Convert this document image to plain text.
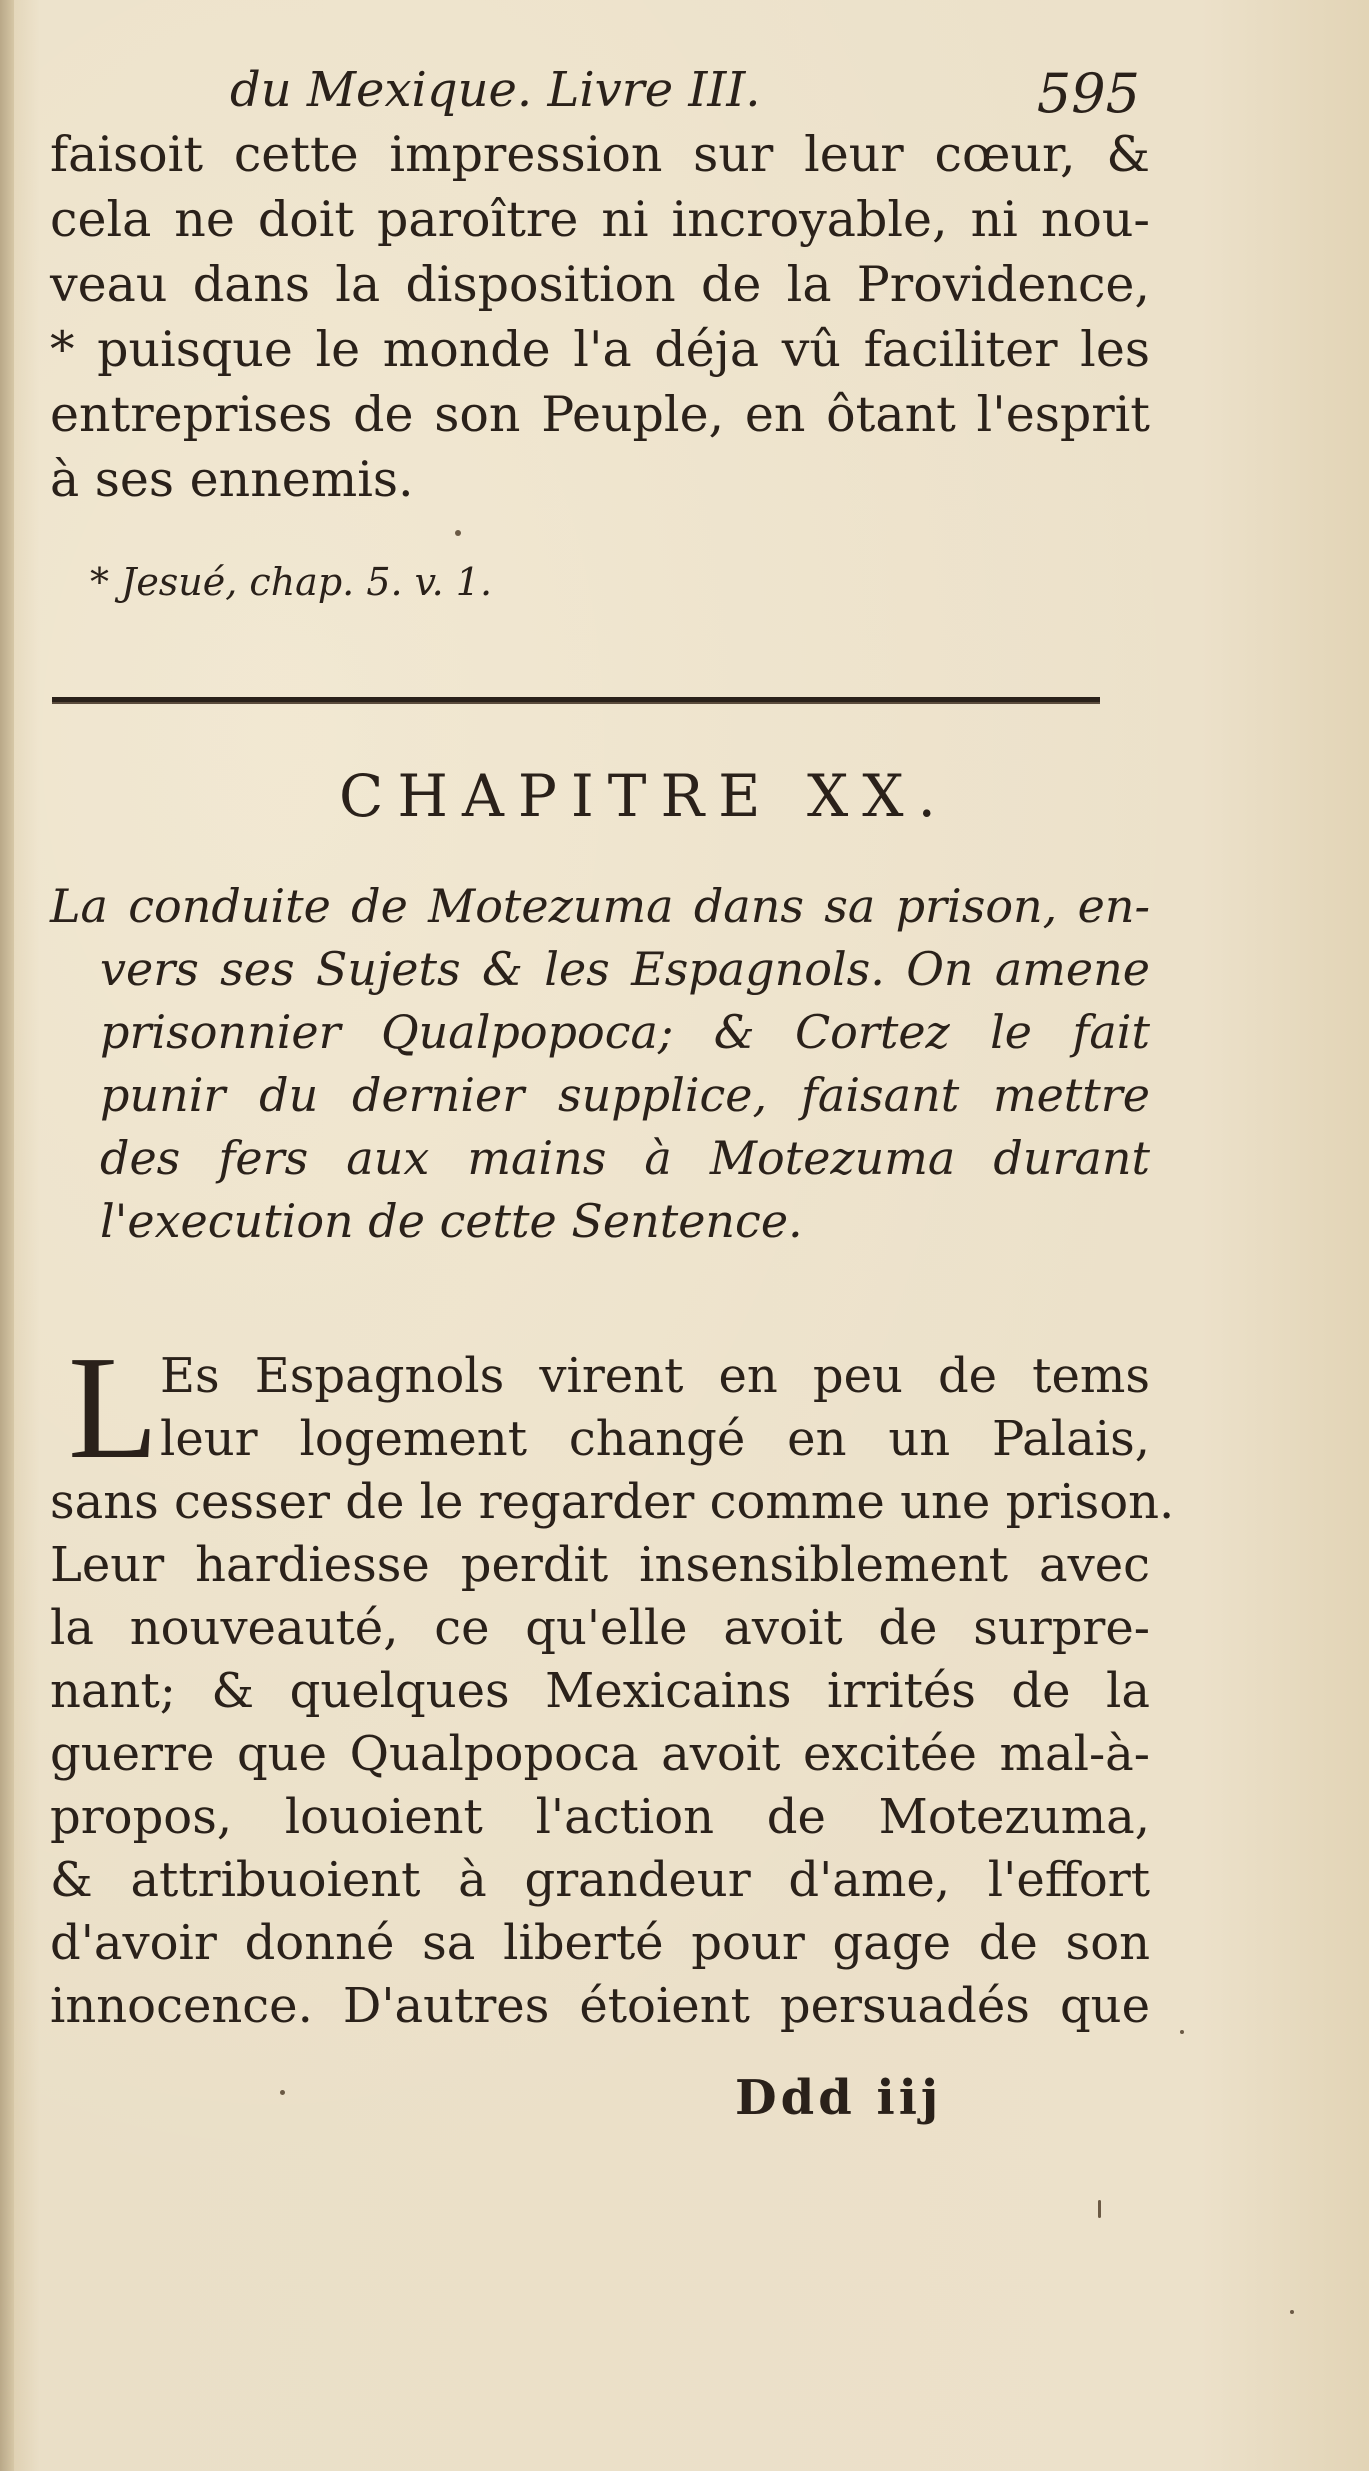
du Mexique. Livre III.	595
faisoit cette impression sur leur cœur, &
cela ne doit paroître ni incroyable, ni nou-
veau dans la disposition de la Providence,
* puisque le monde l'a déja vû faciliter les
entreprises de son Peuple, en ôtant l'esprit
à ses ennemis.
* Jesué, chap. 5. v. 1.
CHAPITRE XX.
La conduite de Motezuma dans sa prison, en-
vers ses Sujets & les Espagnols. On amene
prisonnier Qualpopoca; & Cortez le fait
punir du dernier supplice, faisant mettre
des fers aux mains à Motezuma durant
l'execution de cette Sentence.
L Es Espagnols virent en peu de tems
leur logement changé en un Palais,
sans cesser de le regarder comme une prison.
Leur hardiesse perdit insensiblement avec
la nouveauté, ce qu'elle avoit de surpre-
nant; & quelques Mexicains irrités de la
guerre que Qualpopoca avoit excitée mal-à-
propos, louoient l'action de Motezuma,
& attribuoient à grandeur d'ame, l'effort
d'avoir donné sa liberté pour gage de son
innocence. D'autres étoient persuadés que
Ddd iij
